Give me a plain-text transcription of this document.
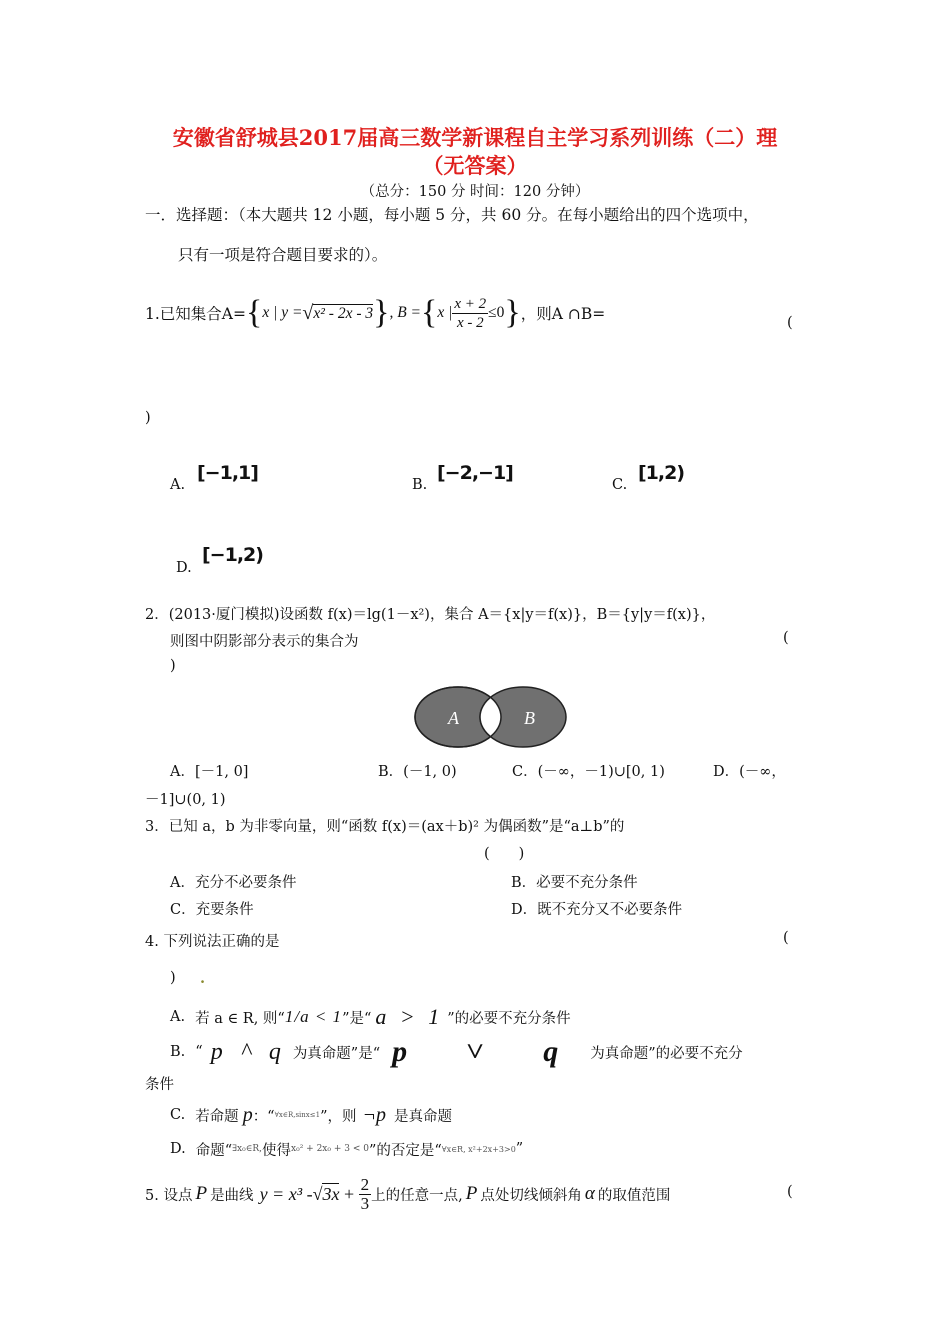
安徽省舒城县2017届高三数学新课程自主学习系列训练（二）理
（无答案）
（总分：150 分 时间：120 分钟）
一．选择题：（本大题共 12 小题，每小题 5 分，共 60 分。在每小题给出的四个选项中，
只有一项是符合题目要求的）。
1.已知集合A= { x | y = √ x² - 2x - 3 } , B = { x | $\frac{x + 2}{x - 2} \le 0$ } ，则A ∩B=	(
)
A.
[−1,1]
B.
[−2,−1]
C.
[1,2)
D.
[−1,2)
2．(2013·厦门模拟)设函数 f(x)＝lg(1－x²)，集合 A＝{x|y＝f(x)}，B＝{y|y＝f(x)}，
则图中阴影部分表示的集合为	(
)
A	B
A．[－1, 0]	B．(－1, 0)	C．(－∞，－1)∪[0, 1)	D．(－∞，
－1]∪(0, 1)
3．已知 a，b 为非零向量，则“函数 f(x)＝(ax＋b)² 为偶函数”是“a⊥b”的
(　　)
A．充分不必要条件	B．必要不充分条件
C．充要条件	D．既不充分又不必要条件
4. 下列说法正确的是	(
) .
A. 若 a ∈ R, 则“ 1/a < 1 ”是“ a > 1 ”的必要不充分条件
B. “ p ^ q 为真命题”是“ p ˅ q 为真命题”的必要不充分
条件
C. 若命题 p ：“ ∀x∈R,sinx≤1 ”，则 ¬p 是真命题
D. 命题“ ∃x₀∈R, 使得 x₀² + 2x₀ + 3 < 0 ”的否定是“ ∀x∈R, x²+2x+3>0 ”
5. 设点 P 是曲线 y = x³ - √ $3x + \frac{2}{3}$ 上的任意一点, P 点处切线倾斜角 α 的取值范围	(
